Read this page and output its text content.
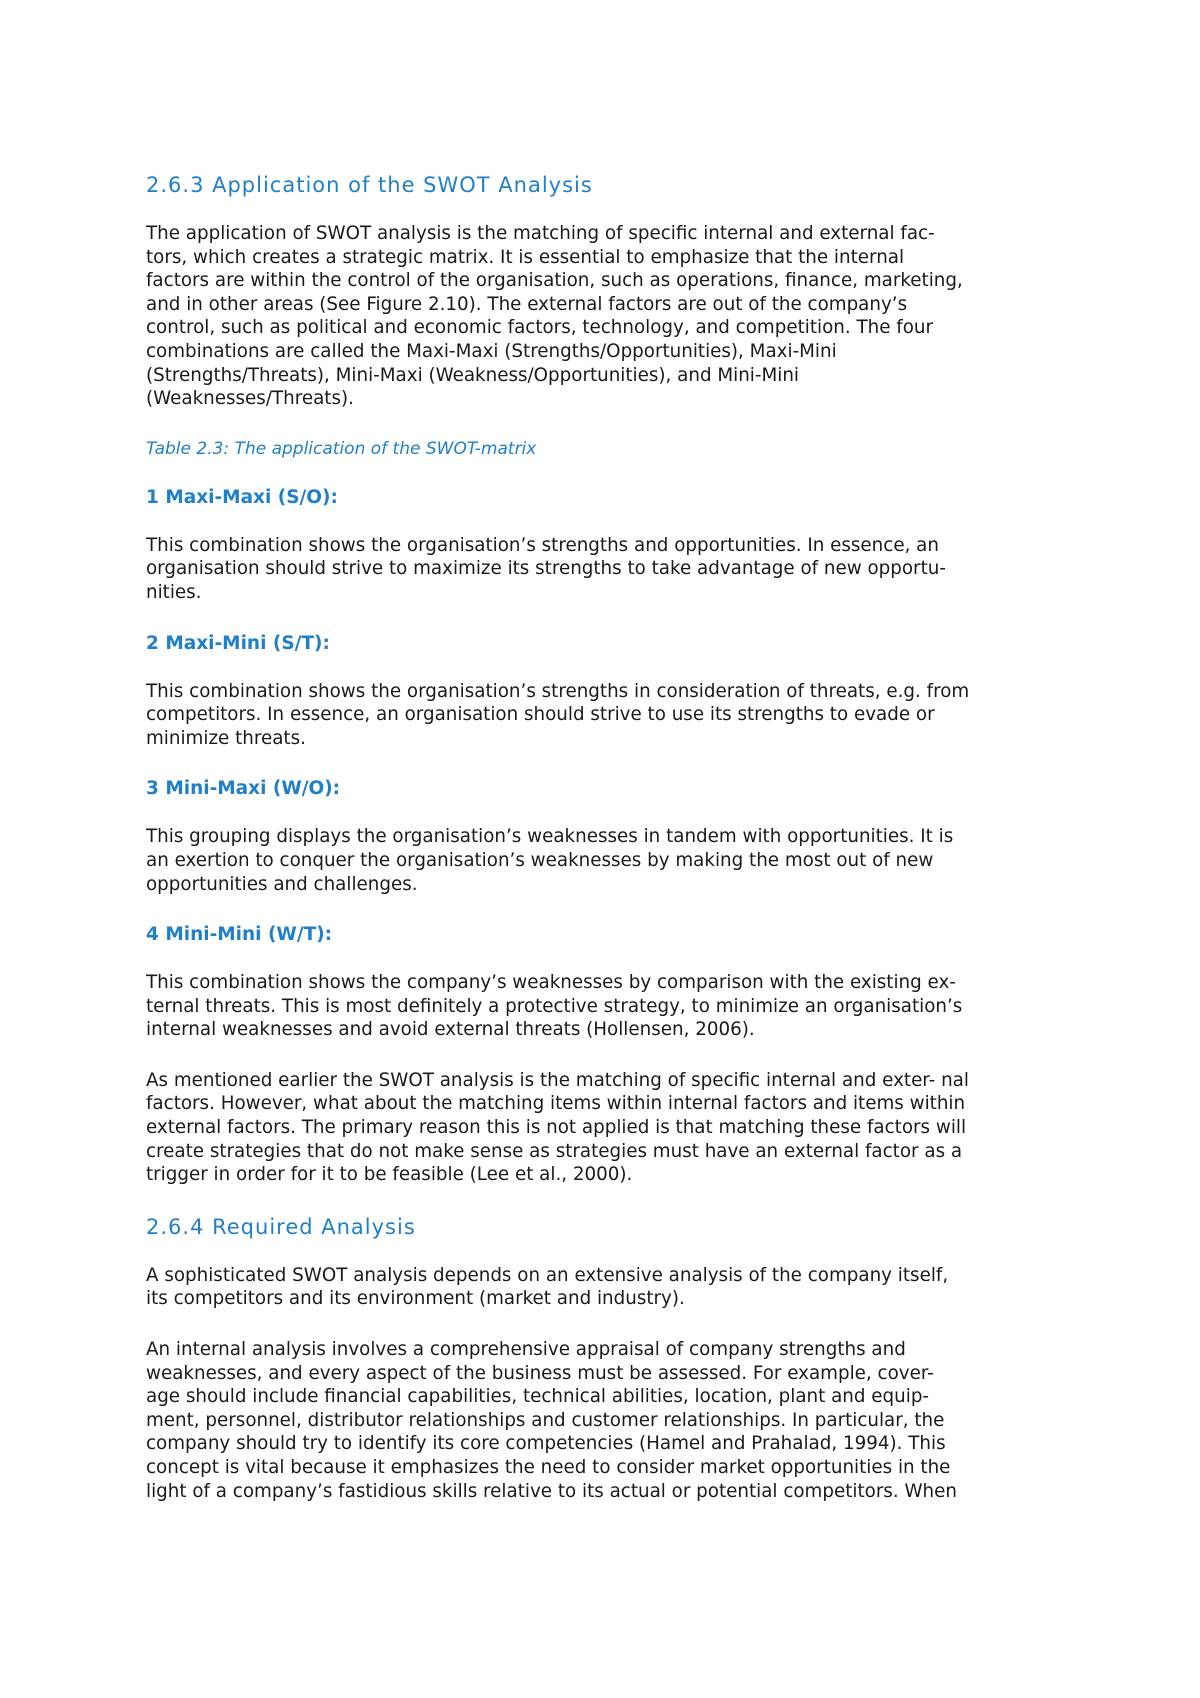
2.6.3 Application of the SWOT Analysis

The application of SWOT analysis is the matching of specific internal and external fac-
tors, which creates a strategic matrix. It is essential to emphasize that the internal
factors are within the control of the organisation, such as operations, finance, marketing,
and in other areas (See Figure 2.10). The external factors are out of the company’s
control, such as political and economic factors, technology, and competition. The four
combinations are called the Maxi-Maxi (Strengths/Opportunities), Maxi-Mini
(Strengths/Threats), Mini-Maxi (Weakness/Opportunities), and Mini-Mini
(Weaknesses/Threats).

Table 2.3: The application of the SWOT-matrix

1 Maxi-Maxi (S/O):

This combination shows the organisation’s strengths and opportunities. In essence, an
organisation should strive to maximize its strengths to take advantage of new opportu-
nities.

2 Maxi-Mini (S/T):

This combination shows the organisation’s strengths in consideration of threats, e.g. from
competitors. In essence, an organisation should strive to use its strengths to evade or
minimize threats.

3 Mini-Maxi (W/O):

This grouping displays the organisation’s weaknesses in tandem with opportunities. It is
an exertion to conquer the organisation’s weaknesses by making the most out of new
opportunities and challenges.

4 Mini-Mini (W/T):

This combination shows the company’s weaknesses by comparison with the existing ex-
ternal threats. This is most definitely a protective strategy, to minimize an organisation’s
internal weaknesses and avoid external threats (Hollensen, 2006).

As mentioned earlier the SWOT analysis is the matching of specific internal and exter- nal
factors. However, what about the matching items within internal factors and items within
external factors. The primary reason this is not applied is that matching these factors will
create strategies that do not make sense as strategies must have an external factor as a
trigger in order for it to be feasible (Lee et al., 2000).

2.6.4 Required Analysis

A sophisticated SWOT analysis depends on an extensive analysis of the company itself,
its competitors and its environment (market and industry).

An internal analysis involves a comprehensive appraisal of company strengths and
weaknesses, and every aspect of the business must be assessed. For example, cover-
age should include financial capabilities, technical abilities, location, plant and equip-
ment, personnel, distributor relationships and customer relationships. In particular, the
company should try to identify its core competencies (Hamel and Prahalad, 1994). This
concept is vital because it emphasizes the need to consider market opportunities in the
light of a company’s fastidious skills relative to its actual or potential competitors. When
